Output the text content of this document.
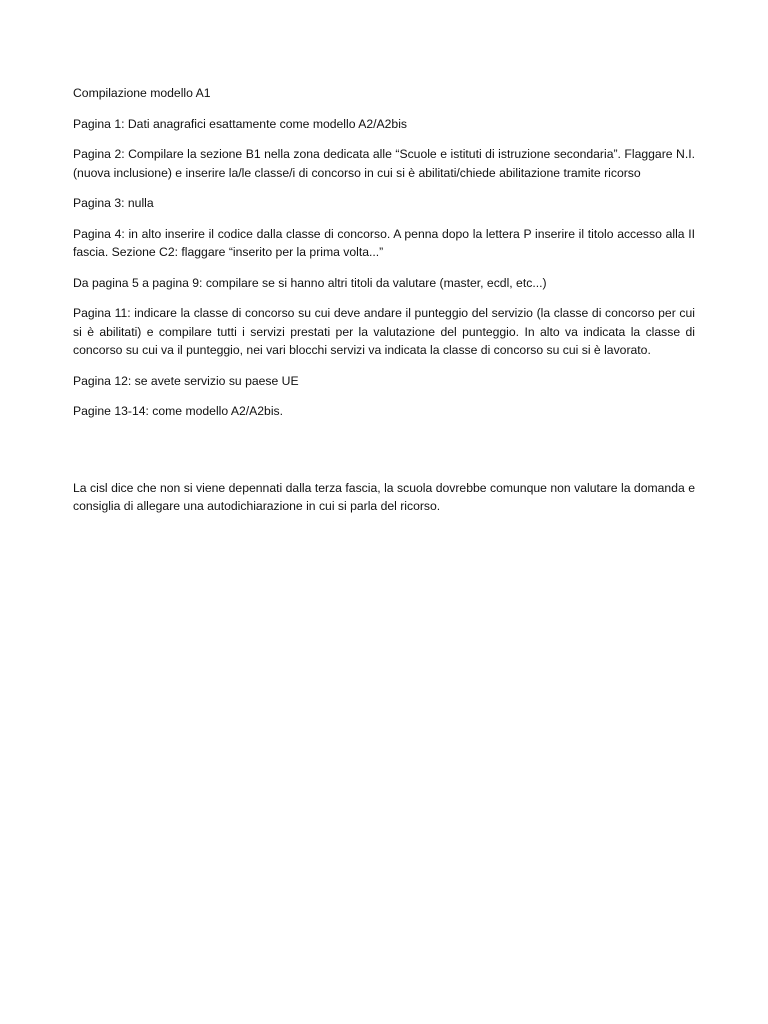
Compilazione modello A1

Pagina 1: Dati anagrafici esattamente come modello A2/A2bis

Pagina 2: Compilare la sezione B1 nella zona dedicata alle “Scuole e istituti di istruzione secondaria”. Flaggare N.I. (nuova inclusione) e inserire la/le classe/i di concorso in cui si è abilitati/chiede abilitazione tramite ricorso

Pagina 3: nulla

Pagina 4: in alto inserire il codice dalla classe di concorso. A penna dopo la lettera P inserire il titolo accesso alla II fascia. Sezione C2: flaggare “inserito per la prima volta...”

Da pagina 5 a pagina 9: compilare se si hanno altri titoli da valutare (master, ecdl, etc...)

Pagina 11: indicare la classe di concorso su cui deve andare il punteggio del servizio (la classe di concorso per cui si è abilitati) e compilare tutti i servizi prestati per la valutazione del punteggio. In alto va indicata la classe di concorso su cui va il punteggio, nei vari blocchi servizi va indicata la classe di concorso su cui si è lavorato.

Pagina 12: se avete servizio su paese UE

Pagine 13-14: come modello A2/A2bis.

La cisl dice che non si viene depennati dalla terza fascia, la scuola dovrebbe comunque non valutare la domanda e consiglia di allegare una autodichiarazione in cui si parla del ricorso.
